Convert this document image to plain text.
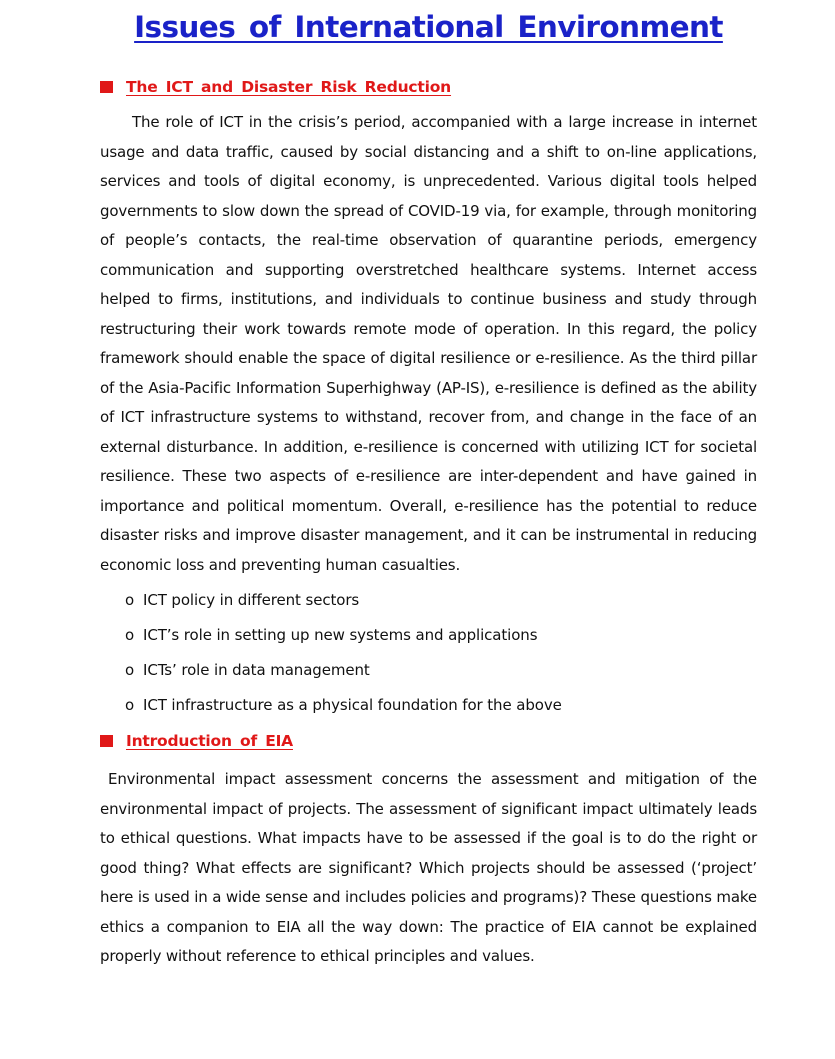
Issues of International Environment
The ICT and Disaster Risk Reduction

The role of ICT in the crisis’s period, accompanied with a large increase in internet usage and data traffic, caused by social distancing and a shift to on-line applications, services and tools of digital economy, is unprecedented. Various digital tools helped governments to slow down the spread of COVID-19 via, for example, through monitoring of people’s contacts, the real-time observation of quarantine periods, emergency communication and supporting overstretched healthcare systems. Internet access helped to firms, institutions, and individuals to continue business and study through restructuring their work towards remote mode of operation. In this regard, the policy framework should enable the space of digital resilience or e-resilience. As the third pillar of the Asia-Pacific Information Superhighway (AP-IS), e-resilience is defined as the ability of ICT infrastructure systems to withstand, recover from, and change in the face of an external disturbance. In addition, e-resilience is concerned with utilizing ICT for societal resilience. These two aspects of e-resilience are inter-dependent and have gained in importance and political momentum. Overall, e-resilience has the potential to reduce disaster risks and improve disaster management, and it can be instrumental in reducing economic loss and preventing human casualties.

o ICT policy in different sectors
o ICT’s role in setting up new systems and applications
o ICTs’ role in data management
o ICT infrastructure as a physical foundation for the above
Introduction of EIA

Environmental impact assessment concerns the assessment and mitigation of the environmental impact of projects. The assessment of significant impact ultimately leads to ethical questions. What impacts have to be assessed if the goal is to do the right or good thing? What effects are significant? Which projects should be assessed (‘project’ here is used in a wide sense and includes policies and programs)? These questions make ethics a companion to EIA all the way down: The practice of EIA cannot be explained properly without reference to ethical principles and values.
